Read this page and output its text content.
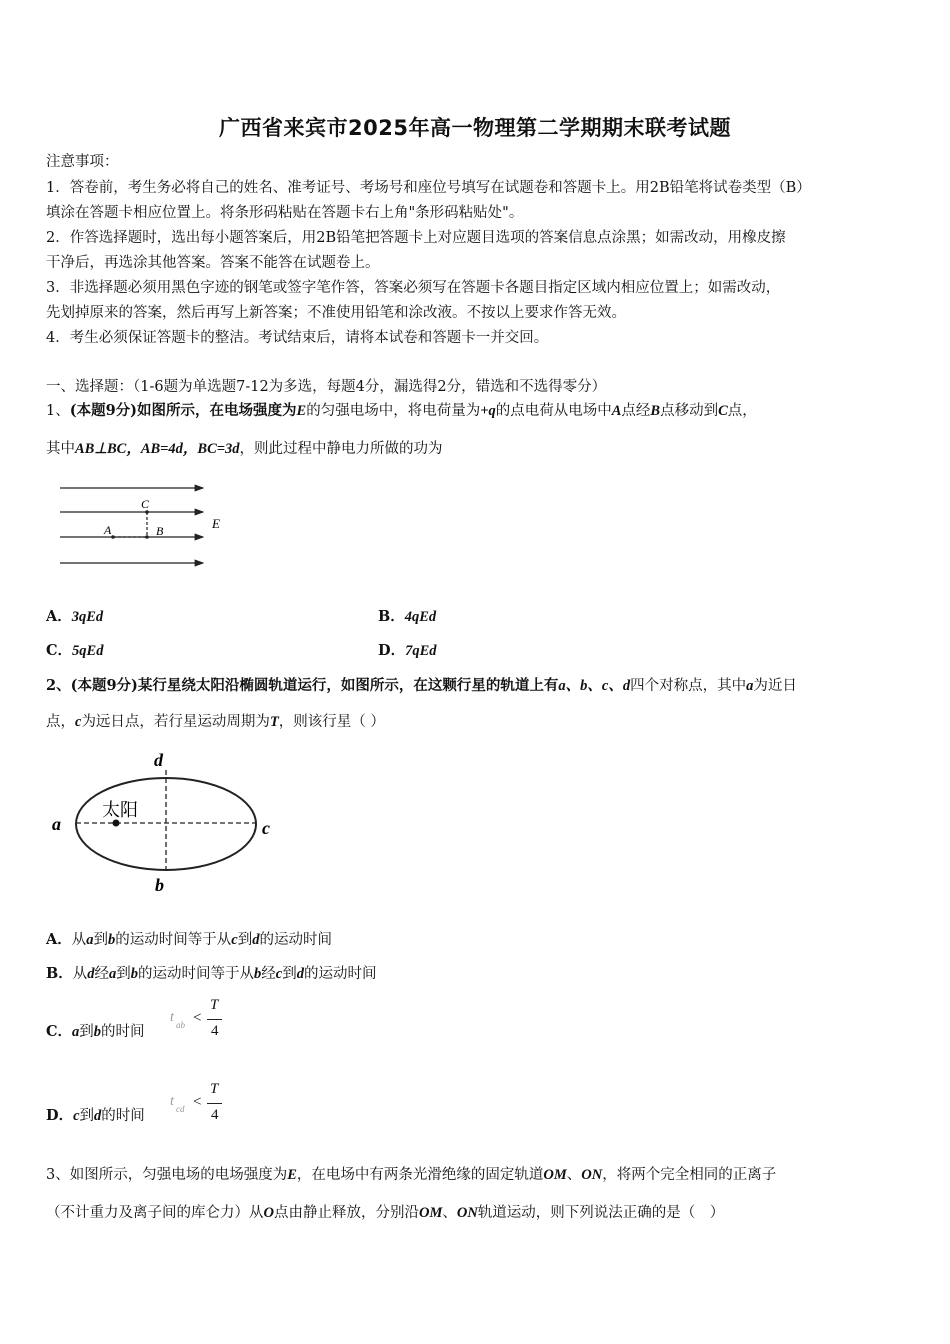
广西省来宾市2025年高一物理第二学期期末联考试题
注意事项：
1．答卷前，考生务必将自己的姓名、准考证号、考场号和座位号填写在试题卷和答题卡上。用2B铅笔将试卷类型（B）
填涂在答题卡相应位置上。将条形码粘贴在答题卡右上角"条形码粘贴处"。
2．作答选择题时，选出每小题答案后，用2B铅笔把答题卡上对应题目选项的答案信息点涂黑；如需改动，用橡皮擦
干净后，再选涂其他答案。答案不能答在试题卷上。
3．非选择题必须用黑色字迹的钢笔或签字笔作答，答案必须写在答题卡各题目指定区域内相应位置上；如需改动，
先划掉原来的答案，然后再写上新答案；不准使用铅笔和涂改液。不按以上要求作答无效。
4．考生必须保证答题卡的整洁。考试结束后，请将本试卷和答题卡一并交回。
一、选择题：（1-6题为单选题7-12为多选，每题4分，漏选得2分，错选和不选得零分）
1、(本题9分)如图所示，在电场强度为E的匀强电场中，将电荷量为+q的点电荷从电场中A点经B点移动到C点，
其中AB⊥BC，AB=4d，BC=3d，则此过程中静电力所做的功为
A	B
C
E
A．3qEd	B．4qEd
C．5qEd	D．7qEd
2、(本题9分)某行星绕太阳沿椭圆轨道运行，如图所示，在这颗行星的轨道上有a、b、c、d四个对称点，其中a为近日
点，c为远日点，若行星运动周期为T，则该行星（ ）
太阳
a	c
d
b
A．从a到b的运动时间等于从c到d的运动时间
B．从d经a到b的运动时间等于从b经c到d的运动时间
C．a到b的时间
t ab <
T
4
D．c到d的时间
t cd <
T
4
3、如图所示，匀强电场的电场强度为E，在电场中有两条光滑绝缘的固定轨道OM、ON，将两个完全相同的正离子
（不计重力及离子间的库仑力）从O点由静止释放，分别沿OM、ON轨道运动，则下列说法正确的是（　）
